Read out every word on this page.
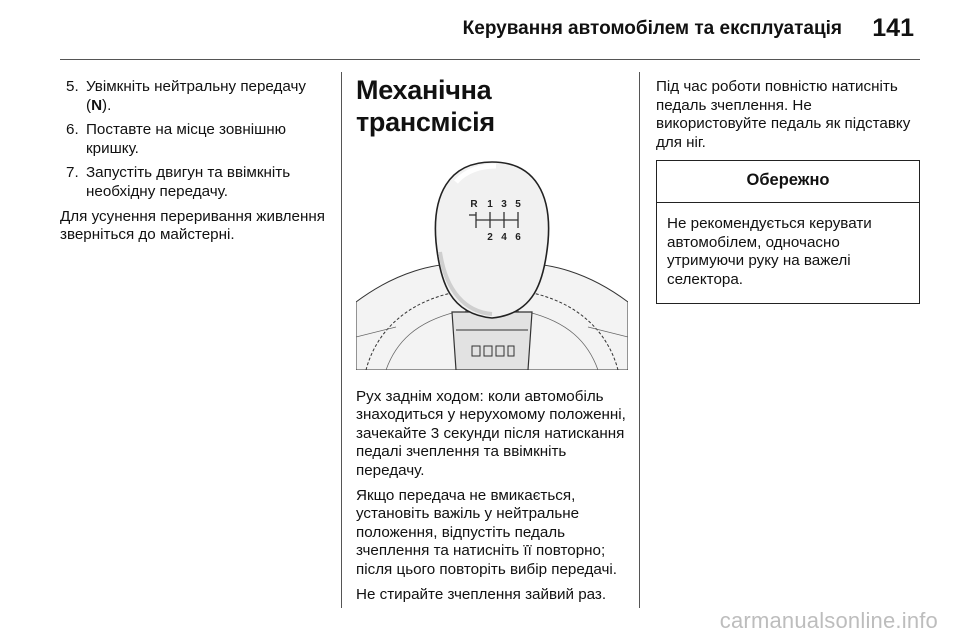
Керування автомобілем та експлуатація 141
5. Увімкніть нейтральну передачу (N).
6. Поставте на місце зовнішню кришку.
7. Запустіть двигун та ввімкніть необхідну передачу.

Для усунення переривання живлення зверніться до майстерні.

Механічна трансмісія
R 1 3 5
2 4 6

Рух заднім ходом: коли автомобіль знаходиться у нерухомому положенні, зачекайте 3 секунди після натискання педалі зчеплення та ввімкніть передачу.

Якщо передача не вмикається, установіть важіль у нейтральне положення, відпустіть педаль зчеплення та натисніть її повторно; після цього повторіть вибір передачі.

Не стирайте зчеплення зайвий раз.

Під час роботи повністю натисніть педаль зчеплення. Не використовуйте педаль як підставку для ніг.

Обережно
Не рекомендується керувати автомобілем, одночасно утримуючи руку на важелі селектора.
carmanualsonline.info
